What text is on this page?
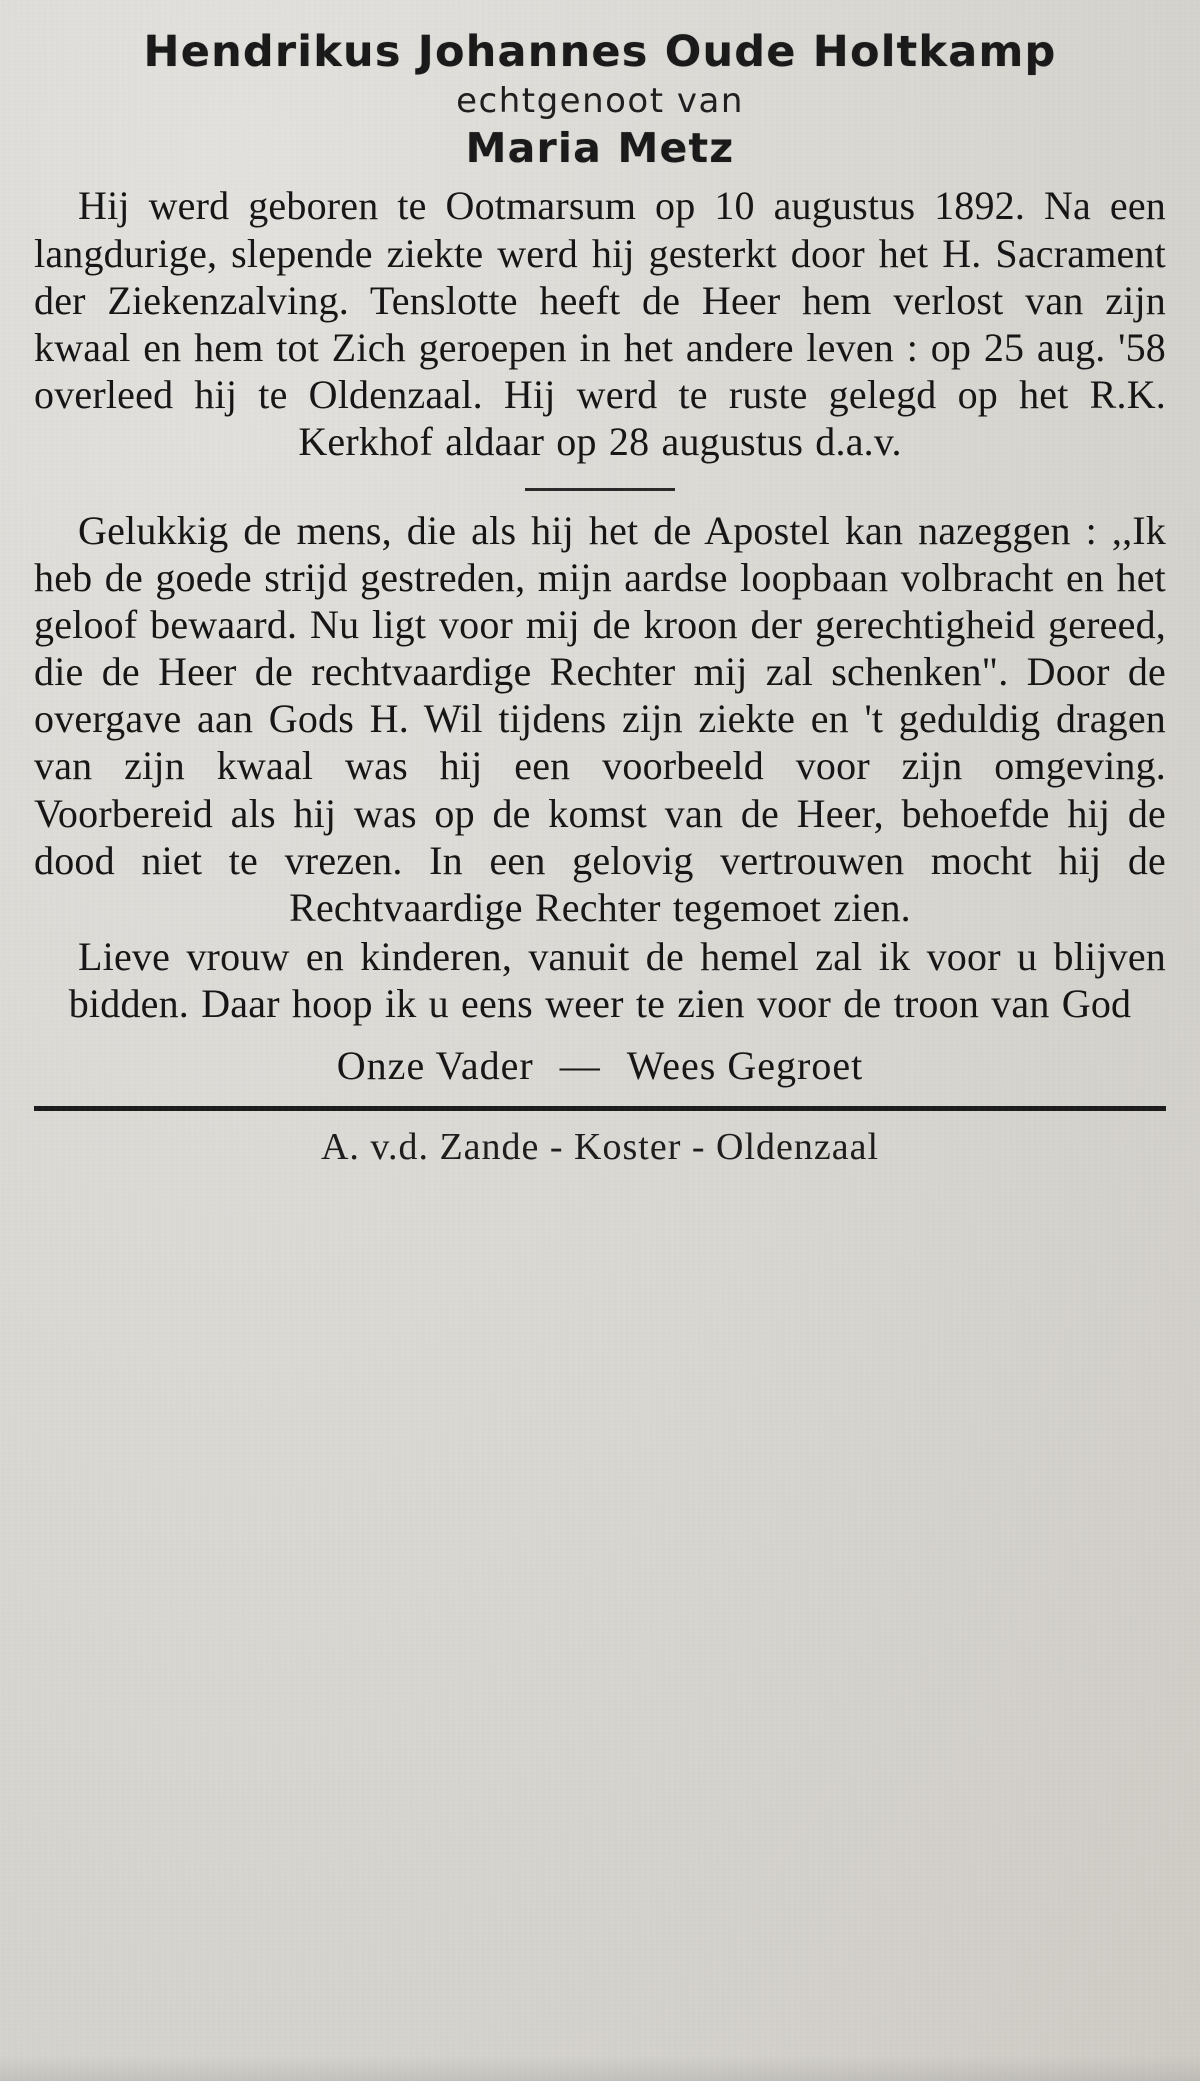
Hendrikus Johannes Oude Holtkamp
echtgenoot van
Maria Metz

Hij werd geboren te Ootmarsum op 10 augustus 1892. Na een langdurige, slepende ziekte werd hij gesterkt door het H. Sacrament der Ziekenzalving. Tenslotte heeft de Heer hem verlost van zijn kwaal en hem tot Zich geroepen in het andere leven : op 25 aug. '58 overleed hij te Oldenzaal. Hij werd te ruste gelegd op het R.K. Kerkhof aldaar op 28 augustus d.a.v.

Gelukkig de mens, die als hij het de Apostel kan nazeggen : ,,Ik heb de goede strijd gestreden, mijn aardse loopbaan volbracht en het geloof bewaard. Nu ligt voor mij de kroon der gerechtigheid gereed, die de Heer de rechtvaardige Rechter mij zal schenken". Door de overgave aan Gods H. Wil tijdens zijn ziekte en 't geduldig dragen van zijn kwaal was hij een voorbeeld voor zijn omgeving. Voorbereid als hij was op de komst van de Heer, behoefde hij de dood niet te vrezen. In een gelovig vertrouwen mocht hij de Rechtvaardige Rechter tegemoet zien.

Lieve vrouw en kinderen, vanuit de hemel zal ik voor u blijven bidden. Daar hoop ik u eens weer te zien voor de troon van God

Onze Vader — Wees Gegroet
A. v.d. Zande - Koster - Oldenzaal
